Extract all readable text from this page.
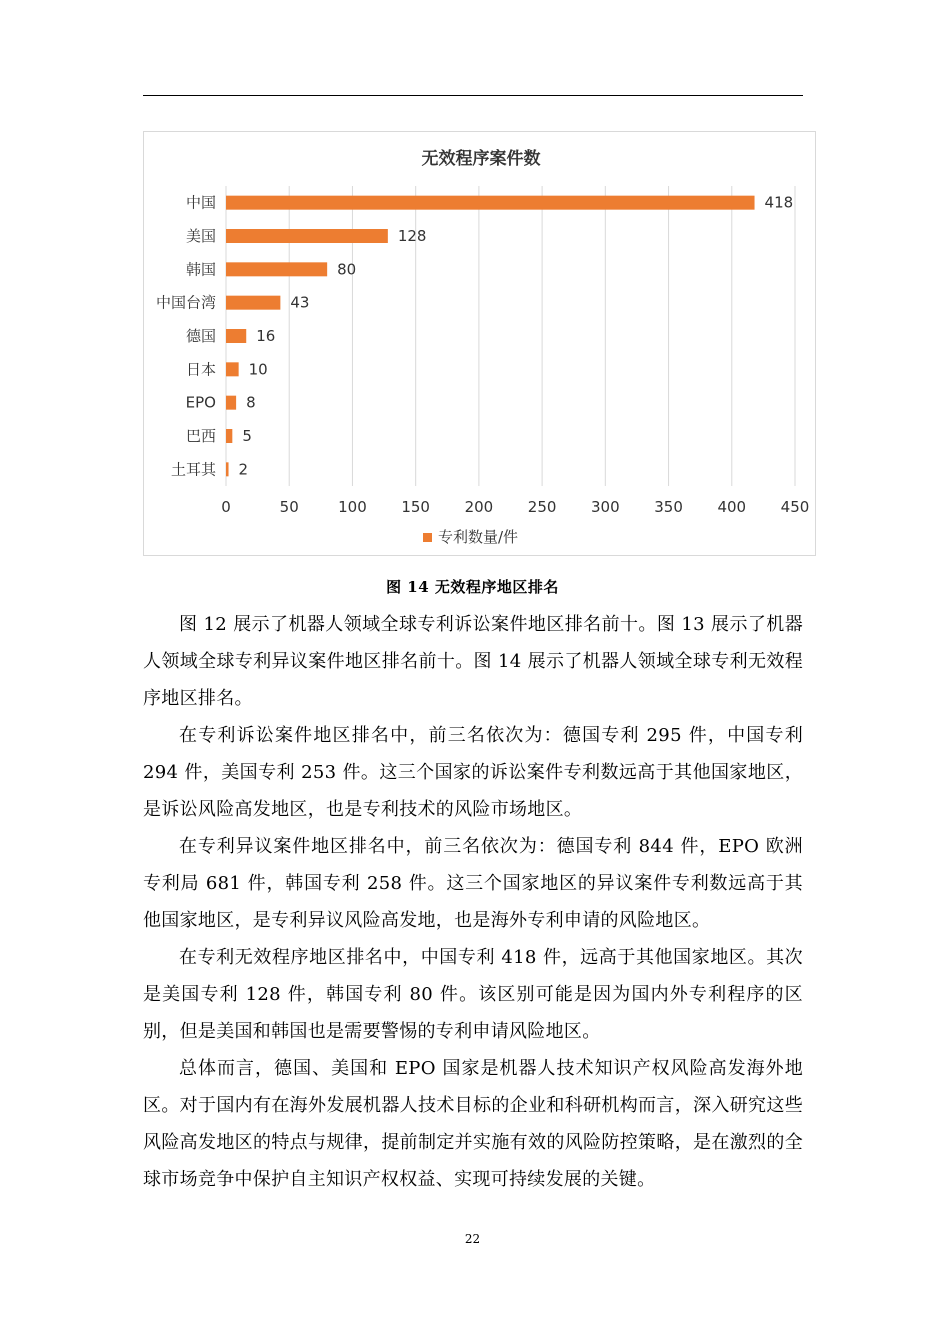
无效程序案件数
中国	418
美国	128
韩国	80
中国台湾	43
德国	16
日本 10
EPO 8
巴西 5
土耳其 2
0	50	100 150 200 250 300 350 400 450
专利数量/件
图 14 无效程序地区排名

图 12 展示了机器人领域全球专利诉讼案件地区排名前十。图 13 展示了机器人领域全球专利异议案件地区排名前十。图 14 展示了机器人领域全球专利无效程序地区排名。

在专利诉讼案件地区排名中，前三名依次为：德国专利 295 件，中国专利 294 件，美国专利 253 件。这三个国家的诉讼案件专利数远高于其他国家地区，是诉讼风险高发地区，也是专利技术的风险市场地区。

在专利异议案件地区排名中，前三名依次为：德国专利 844 件，EPO 欧洲专利局 681 件，韩国专利 258 件。这三个国家地区的异议案件专利数远高于其他国家地区，是专利异议风险高发地，也是海外专利申请的风险地区。

在专利无效程序地区排名中，中国专利 418 件，远高于其他国家地区。其次是美国专利 128 件，韩国专利 80 件。该区别可能是因为国内外专利程序的区别，但是美国和韩国也是需要警惕的专利申请风险地区。

总体而言，德国、美国和 EPO 国家是机器人技术知识产权风险高发海外地区。对于国内有在海外发展机器人技术目标的企业和科研机构而言，深入研究这些风险高发地区的特点与规律，提前制定并实施有效的风险防控策略，是在激烈的全球市场竞争中保护自主知识产权权益、实现可持续发展的关键。

22
